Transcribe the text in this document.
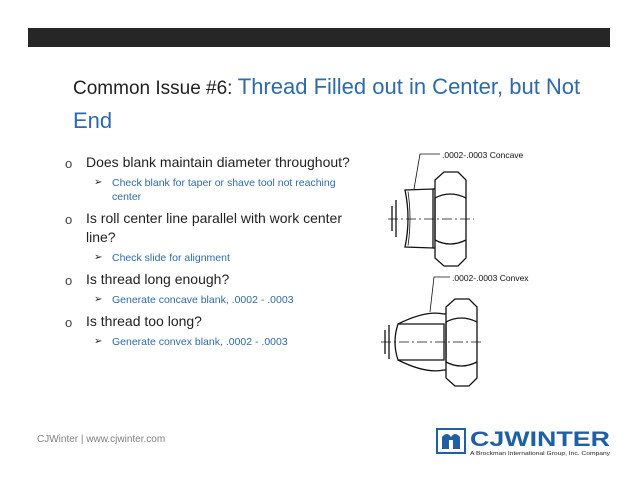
Common Issue #6: Thread Filled out in Center, but Not End
o Does blank maintain diameter throughout?
➢ Check blank for taper or shave tool not reaching center
o Is roll center line parallel with work center line?
➢ Check slide for alignment
o Is thread long enough?
➢ Generate concave blank, .0002 - .0003
o Is thread too long?
➢ Generate convex blank, .0002 - .0003
.0002-.0003 Concave
.0002-.0003 Convex
CJWinter | www.cjwinter.com	CJWINTER
A Brockman International Group, Inc. Company
